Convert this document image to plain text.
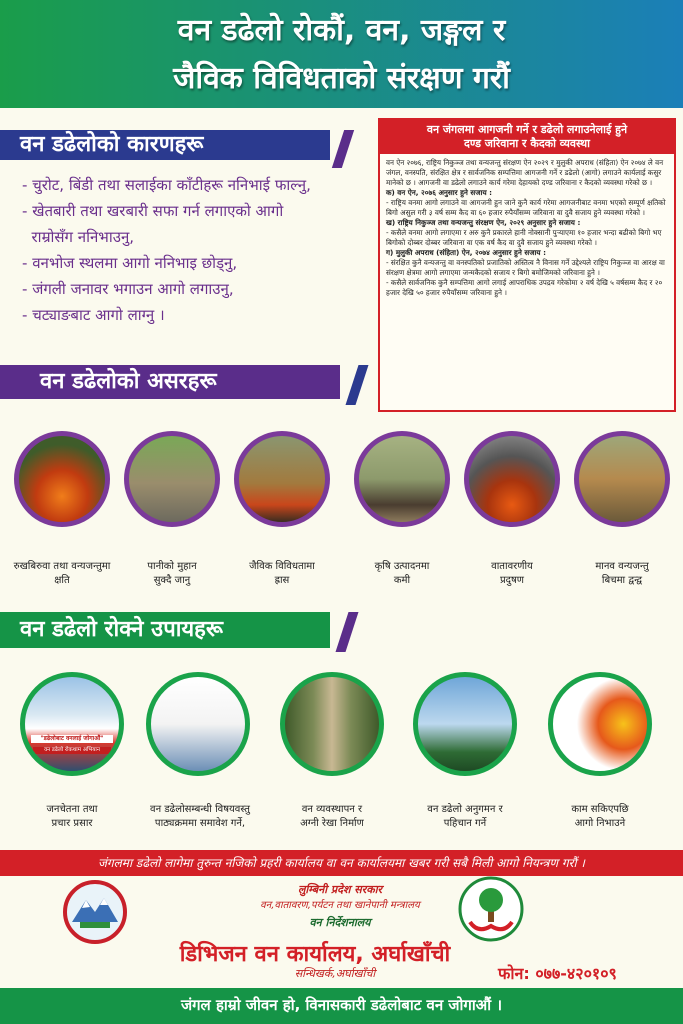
वन डढेलो रोकौं, वन, जङ्गल र
जैविक विविधताको संरक्षण गरौं
वन डढेलोको कारणहरू
- चुरोट, बिंडी तथा सलाईका काँटीहरू ननिभाई फाल्नु,
- खेतबारी तथा खरबारी सफा गर्न लगाएको आगो
राम्रोसँग ननिभाउनु,
- वनभोज स्थलमा आगो ननिभाइ छोड्नु,
- जंगली जनावर भगाउन आगो लगाउनु,
- चट्याङबाट आगो लाग्नु ।
वन जंगलमा आगजनी गर्ने र डढेलो लगाउनेलाई हुने
दण्ड जरिवाना र कैदको व्यवस्था
वन ऐन २०७६, राष्ट्रिय निकुञ्ज तथा वन्यजन्तु संरक्षण ऐन २०२९ र मुलुकी अपराध (संहिता) ऐन २०७४ ले वन जंगल, वनस्पति, संरक्षित क्षेत्र र सार्वजनिक सम्पत्तिमा आगजनी गर्ने र डढेलो (आगो) लगाउने कार्यलाई कसुर मानेको छ । आगजनी वा डढेलो लगाउने कार्य गरेमा देहायको दण्ड जरिवाना र कैदको व्यवस्था गरेको छ ।
क) वन ऐन, २०७६ अनुसार हुने सजाय :
- राष्ट्रिय वनमा आगो लगाउने वा आगजनी हुन जाने कुनै कार्य गरेमा आगजनीबाट वनमा भएको सम्पूर्ण क्षतिको बिगो असुल गरी ३ वर्ष सम्म कैद वा ६० हजार रुपैयाँसम्म जरिवाना वा दुवै सजाय हुने व्यवस्था गरेको ।
ख) राष्ट्रिय निकुञ्ज तथा वन्यजन्तु संरक्षण ऐन, २०२९ अनुसार हुने सजाय :
- कसैले वनमा आगो लगाएमा र अरु कुनै प्रकारले हानी नोक्सानी पुऱ्याएमा १० हजार भन्दा बढीको बिगो भए बिगोको दोब्बर दोब्बर जरिवाना वा एक वर्ष कैद वा दुवै सजाय हुने व्यवस्था गरेको ।
ग) मुलुकी अपराध (संहिता) ऐन, २०७४ अनुसार हुने सजाय :
- संरक्षित कुनै वन्यजन्तु वा वनस्पतिको प्रजातिको अस्तित्व नै विनास गर्ने उद्देश्यले राष्ट्रिय निकुञ्ज वा आरक्ष वा संरक्षण क्षेत्रमा आगो लगाएमा जन्मकैदको सजाय र बिगो बमोजिमको जरिवाना हुने ।
- कसैले सार्वजनिक कुनै सम्पत्तिमा आगो लगाई आपराधिक उपद्रव गरेकोमा २ वर्ष देखि ५ वर्षसम्म कैद र २० हजार देखि ५० हजार रुपैयाँसम्म जरिवाना हुने ।
वन डढेलोको असरहरू
रुखबिरुवा तथा वन्यजन्तुमा
क्षति
पानीको मुहान
सुक्दै जानु
जैविक विविधतामा
ह्रास
कृषि उत्पादनमा
कमी
वातावरणीय
प्रदुषण
मानव वन्यजन्तु
बिचमा द्वन्द्व
वन डढेलो रोक्ने उपायहरू
"डढेलोबाट वनलाई जोगाऔं"
वन डढेलो रोकथाम अभियान
जनचेतना तथा
प्रचार प्रसार
वन डढेलोसम्बन्धी विषयवस्तु
पाठ्यक्रममा समावेश गर्ने,
वन व्यवस्थापन र
अग्नी रेखा निर्माण
वन डढेलो अनुगमन र
पहिचान गर्ने
काम सकिएपछि
आगो निभाउने
जंगलमा डढेलो लागेमा तुरुन्त नजिको प्रहरी कार्यालय वा वन कार्यालयमा खबर गरी सबै मिली आगो नियन्त्रण गरौं ।
लुम्बिनी प्रदेश सरकार
वन,वातावरण,पर्यटन तथा खानेपानी मन्त्रालय
वन निर्देशनालय
डिभिजन वन कार्यालय, अर्घाखाँची
सन्धिखर्क,अर्घाखाँची	फोन: ०७७-४२०१०९
जंगल हाम्रो जीवन हो, विनासकारी डढेलोबाट वन जोगाऔं ।
